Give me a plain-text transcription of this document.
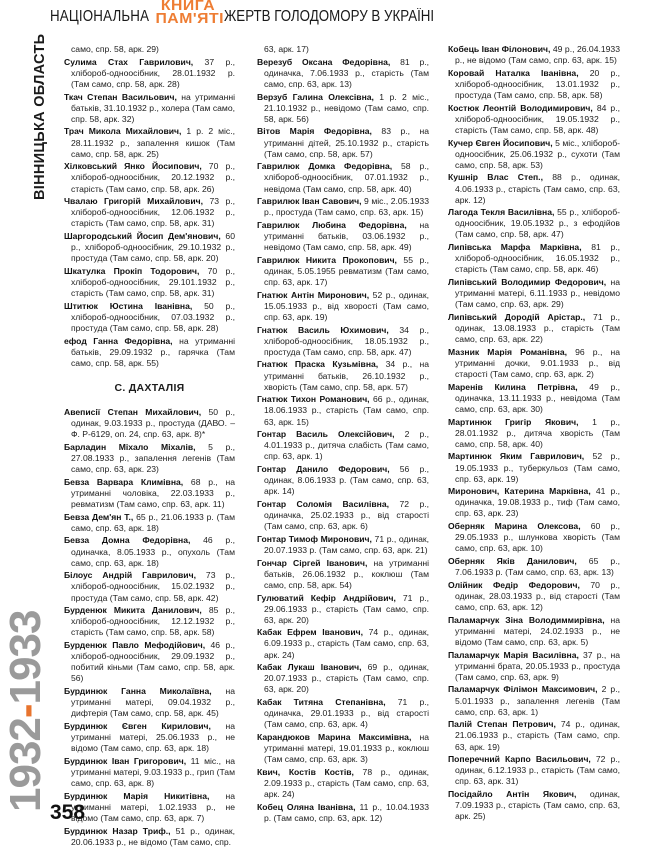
НАЦІОНАЛЬНА
КНИГА
ПАМ'ЯТІ ЖЕРТВ ГОЛОДОМОРУ В УКРАЇНІ
ВІННИЦЬКА ОБЛАСТЬ
1932-1933

само, спр. 58, арк. 29)

Сулима Стах Гаврилович, 37 р., хлібороб-одноосібник, 28.01.1932 р. (Там само, спр. 58, арк. 28)

Ткач Степан Васильович, на утриманні батьків, 31.10.1932 р., холера (Там само, спр. 58, арк. 32)

Трач Микола Михайлович, 1 р. 2 міс., 28.11.1932 р., запалення кишок (Там само, спр. 58, арк. 25)

Хілковський Янко Йосипович, 70 р., хлібороб-одноосібник, 20.12.1932 р., старість (Там само, спр. 58, арк. 26)

Чвалаю Григорій Михайлович, 73 р., хлібороб-одноосібник, 12.06.1932 р., старість (Там само, спр. 58, арк. 31)

Шаргородський Йосип Дем'янович, 60 р., хлібороб-одноосібник, 29.10.1932 р., простуда (Там само, спр. 58, арк. 20)

Шкатулка Прокіп Тодорович, 70 р., хлібороб-одноосібник, 29.101.1932 р., старість (Там само, спр. 58, арк. 31)

Штитюк Юстина Іванівна, 50 р., хлібороб-одноосібник, 07.03.1932 р., простуда (Там само, спр. 58, арк. 28)

ефод Ганна Федорівна, на утриманні батьків, 29.09.1932 р., гарячка (Там само, спр. 58, арк. 55)

С. ДАХТАЛІЯ

Авеписії Степан Михайлович, 50 р., одинак, 9.03.1933 р., простуда (ДАВО. – Ф. Р-6129, оп. 24, спр. 63, арк. 8)*

Барладин Міхало Міхалів, 5 р., 27.08.1933 р., запалення легенів (Там само, спр. 63, арк. 23)

Бевза Варвара Климівна, 68 р., на утриманні чоловіка, 22.03.1933 р., ревматизм (Там само, спр. 63, арк. 11)

Бевза Дем'ян Т., 65 р., 21.06.1933 р. (Там само, спр. 63, арк. 18)

Бевза Домна Федорівна, 46 р., одиначка, 8.05.1933 р., опухоль (Там само, спр. 63, арк. 18)

Білоус Андрій Гаврилович, 73 р., хлібороб-одноосібник, 15.02.1932 р., простуда (Там само, спр. 58, арк. 42)

Бурденюк Микита Данилович, 85 р., хлібороб-одноосібник, 12.12.1932 р., старість (Там само, спр. 58, арк. 58)

Бурденюк Павло Мефодійович, 46 р., хлібороб-одноосібник, 29.09.1932 р., побитий кіньми (Там само, спр. 58, арк. 56)

Бурдинюк Ганна Миколаївна, на утриманні матері, 09.04.1932 р., дифтерія (Там само, спр. 58, арк. 45)

Бурдинюк Євген Кирилович, на утриманні матері, 25.06.1933 р., не відомо (Там само, спр. 63, арк. 18)

Бурдинюк Іван Григорович, 11 міс., на утриманні матері, 9.03.1933 р., грип (Там само, спр. 63, арк. 8)

Бурдинюк Марія Никитівна, на утриманні матері, 1.02.1933 р., не відомо (Там само, спр. 63, арк. 7)

Бурдинюк Назар Триф., 51 р., одинак, 20.06.1933 р., не відомо (Там само, спр.

63, арк. 17)

Верезуб Оксана Федорівна, 81 р., одиначка, 7.06.1933 р., старість (Там само, спр. 63, арк. 13)

Верзуб Галина Олексівна, 1 р. 2 міс., 21.10.1932 р., невідомо (Там само, спр. 58, арк. 56)

Вітов Марія Федорівна, 83 р., на утриманні дітей, 25.10.1932 р., старість (Там само, спр. 58, арк. 57)

Гаврилюк Домка Федорівна, 58 р., хлібороб-одноосібник, 07.01.1932 р., невідома (Там само, спр. 58, арк. 40)

Гаврилюк Іван Савович, 9 міс., 2.05.1933 р., простуда (Там само, спр. 63, арк. 15)

Гаврилюк Любина Федорівна, на утриманні батьків, 03.06.1932 р., невідомо (Там само, спр. 58, арк. 49)

Гаврилюк Никита Прокопович, 55 р., одинак, 5.05.1955 ревматизм (Там само, спр. 63, арк. 17)

Гнатюк Антін Миронович, 52 р., одинак, 15.05.1933 р., від хворості (Там само, спр. 63, арк. 19)

Гнатюк Василь Юхимович, 34 р., хлібороб-одноосібник, 18.05.1932 р., простуда (Там само, спр. 58, арк. 47)

Гнатюк Праска Кузьмівна, 34 р., на утриманні батьків, 26.10.1932 р., хворість (Там само, спр. 58, арк. 57)

Гнатюк Тихон Романович, 66 р., одинак, 18.06.1933 р., старість (Там само, спр. 63, арк. 15)

Гонтар Василь Олексійович, 2 р., 4.01.1933 р., дитяча слабість (Там само, спр. 63, арк. 1)

Гонтар Данило Федорович, 56 р., одинак, 8.06.1933 р. (Там само, спр. 63, арк. 14)

Гонтар Соломія Василівна, 72 р., одиначка, 25.02.1933 р., від старості (Там само, спр. 63, арк. 6)

Гонтар Тимоф Миронович, 71 р., одинак, 20.07.1933 р. (Там само, спр. 63, арк. 21)

Гончар Сіргей Іванович, на утриманні батьків, 26.06.1932 р., коклюш (Там само, спр. 58, арк. 54)

Гулюватий Кефір Андрійович, 71 р., 29.06.1933 р., старість (Там само, спр. 63, арк. 20)

Кабак Ефрем Іванович, 74 р., одинак, 6.09.1933 р., старість (Там само, спр. 63, арк. 24)

Кабак Лукаш Іванович, 69 р., одинак, 20.07.1933 р., старість (Там само, спр. 63, арк. 20)

Кабак Титяна Степанівна, 71 р., одиначка, 29.01.1933 р., від старості (Там само, спр. 63, арк. 4)

Карандюков Марина Максимівна, на утриманні матері, 19.01.1933 р., коклюш (Там само, спр. 63, арк. 3)

Квич, Костів Костів, 78 р., одинак, 2.09.1933 р., старість (Там само, спр. 63, арк. 24)

Кобец Оляна Іванівна, 11 р., 10.04.1933 р. (Там само, спр. 63, арк. 12)

Кобець Іван Філонович, 49 р., 26.04.1933 р., не відомо (Там само, спр. 63, арк. 15)

Коровай Наталка Іванівна, 20 р., хлібороб-одноосібник, 13.01.1932 р., простуда (Там само, спр. 58, арк. 58)

Костюк Леонтій Володимирович, 84 р., хлібороб-одноосібник, 19.05.1932 р., старість (Там само, спр. 58, арк. 48)

Кучер Євген Йосипович, 5 міс., хлібороб-одноосібник, 25.06.1932 р., сухоти (Там само, спр. 58, арк. 53)

Кушнір Влас Степ., 88 р., одинак, 4.06.1933 р., старість (Там само, спр. 63, арк. 12)

Лагода Текля Василівна, 55 р., хлібороб-одноосібник, 19.05.1932 р., з ефодійов (Там само, спр. 58, арк. 47)

Липівська Марфа Марківна, 81 р., хлібороб-одноосібник, 16.05.1932 р., старість (Там само, спр. 58, арк. 46)

Липівський Володимир Федорович, на утриманні матері, 6.11.1933 р., невідомо (Там само, спр. 63, арк. 29)

Липівський Дородій Арістар., 71 р., одинак, 13.08.1933 р., старість (Там само, спр. 63, арк. 22)

Мазник Марія Романівна, 96 р., на утриманні дочки, 9.01.1933 р., від старості (Там само, спр. 63, арк. 2)

Маренів Килина Петрівна, 49 р., одиначка, 13.11.1933 р., невідома (Там само, спр. 63, арк. 30)

Мартинюк Григір Якович, 1 р., 28.01.1932 р., дитяча хворість (Там само, спр. 58, арк. 40)

Мартинюк Яким Гаврилович, 52 р., 19.05.1933 р., туберкульоз (Там само, спр. 63, арк. 19)

Миронович, Катерина Марківна, 41 р., одиначка, 19.08.1933 р., тиф (Там само, спр. 63, арк. 23)

Оберняк Марина Олексова, 60 р., 29.05.1933 р., шлункова хворість (Там само, спр. 63, арк. 10)

Оберняк Яків Данилович, 65 р., 7.06.1933 р. (Там само, спр. 63, арк. 13)

Олійник Федір Федорович, 70 р., одинак, 28.03.1933 р., від старості (Там само, спр. 63, арк. 12)

Паламарчук Зіна Володиммирівна, на утриманні матері, 24.02.1933 р., не відомо (Там само, спр. 63, арк. 5)

Паламарчук Марія Василівна, 37 р., на утриманні брата, 20.05.1933 р., простуда (Там само, спр. 63, арк. 9)

Паламарчук Філімон Максимович, 2 р., 5.01.1933 р., запалення легенів (Там само, спр. 63, арк. 1)

Палій Степан Петрович, 74 р., одинак, 21.06.1933 р., старість (Там само, спр. 63, арк. 19)

Поперечний Карпо Васильович, 72 р., одинак, 6.12.1933 р., старість (Там само, спр. 63, арк. 31)

Посідайло Антін Якович, одинак, 7.09.1933 р., старість (Там само, спр. 63, арк. 25)

358
